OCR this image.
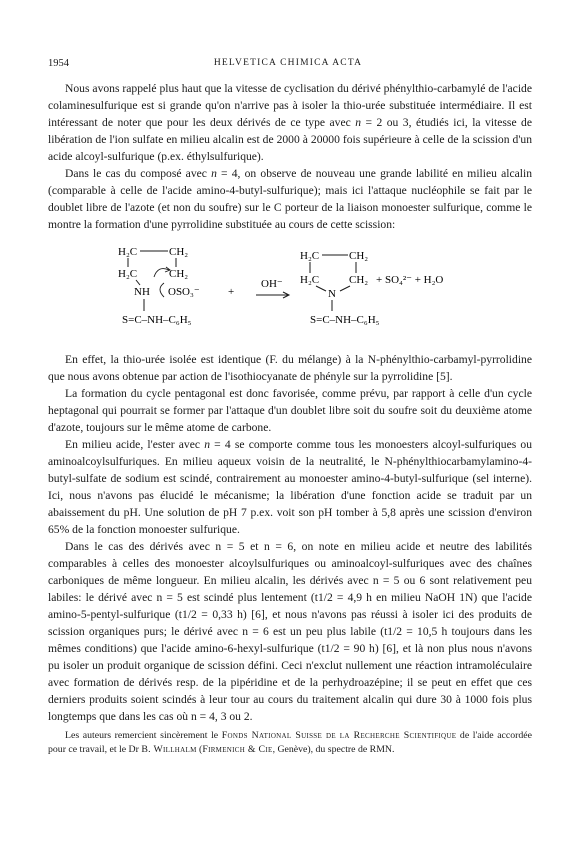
1954	HELVETICA CHIMICA ACTA

Nous avons rappelé plus haut que la vitesse de cyclisation du dérivé phénylthio-carbamylé de l'acide colaminesulfurique est si grande qu'on n'arrive pas à isoler la thio-urée substituée intermédiaire. Il est intéressant de noter que pour les deux dérivés de ce type avec n = 2 ou 3, étudiés ici, la vitesse de libération de l'ion sulfate en milieu alcalin est de 2000 à 20000 fois supérieure à celle de la scission d'un acide alcoyl-sulfurique (p.ex. éthylsulfurique).

Dans le cas du composé avec n = 4, on observe de nouveau une grande labilité en milieu alcalin (comparable à celle de l'acide amino-4-butyl-sulfurique); mais ici l'attaque nucléophile se fait par le doublet libre de l'azote (et non du soufre) sur le C porteur de la liaison monoester sulfurique, comme le montre la formation d'une pyrrolidine substituée au cours de cette scission:

H₂C	CH₂
H₂C	CH₂
NH OSO₃⁻
S=C–NH–C₆H₅
+
OH⁻
H₂C	CH₂
H₂C	CH₂
N
S=C–NH–C₆H₅
+ SO₄²⁻ + H₂O

En effet, la thio-urée isolée est identique (F. du mélange) à la N-phénylthio-carbamyl-pyrrolidine que nous avons obtenue par action de l'isothiocyanate de phényle sur la pyrrolidine [5].

La formation du cycle pentagonal est donc favorisée, comme prévu, par rapport à celle d'un cycle heptagonal qui pourrait se former par l'attaque d'un doublet libre soit du soufre soit du deuxième atome d'azote, toujours sur le même atome de carbone.

En milieu acide, l'ester avec n = 4 se comporte comme tous les monoesters alcoyl-sulfuriques ou aminoalcoylsulfuriques. En milieu aqueux voisin de la neutralité, le N-phénylthiocarbamylamino-4-butyl-sulfate de sodium est scindé, contrairement au monoester amino-4-butyl-sulfurique (sel interne). Ici, nous n'avons pas élucidé le mécanisme; la libération d'une fonction acide se traduit par un abaissement du pH. Une solution de pH 7 p.ex. voit son pH tomber à 5,8 après une scission d'environ 65% de la fonction monoester sulfurique.

Dans le cas des dérivés avec n = 5 et n = 6, on note en milieu acide et neutre des labilités comparables à celles des monoester alcoylsulfuriques ou aminoalcoyl-sulfuriques avec des chaînes carboniques de même longueur. En milieu alcalin, les dérivés avec n = 5 ou 6 sont relativement peu labiles: le dérivé avec n = 5 est scindé plus lentement (t1/2 = 4,9 h en milieu NaOH 1N) que l'acide amino-5-pentyl-sulfurique (t1/2 = 0,33 h) [6], et nous n'avons pas réussi à isoler ici des produits de scission organiques purs; le dérivé avec n = 6 est un peu plus labile (t1/2 = 10,5 h toujours dans les mêmes conditions) que l'acide amino-6-hexyl-sulfurique (t1/2 = 90 h) [6], et là non plus nous n'avons pu isoler un produit organique de scission défini. Ceci n'exclut nullement une réaction intramoléculaire avec formation de dérivés resp. de la pipéridine et de la perhydroazépine; il se peut en effet que ces derniers produits soient scindés à leur tour au cours du traitement alcalin qui dure 30 à 1000 fois plus longtemps que dans les cas où n = 4, 3 ou 2.

Les auteurs remercient sincèrement le Fonds National Suisse de la Recherche Scientifique de l'aide accordée pour ce travail, et le Dr B. Willhalm (Firmenich & Cie, Genève), du spectre de RMN.
